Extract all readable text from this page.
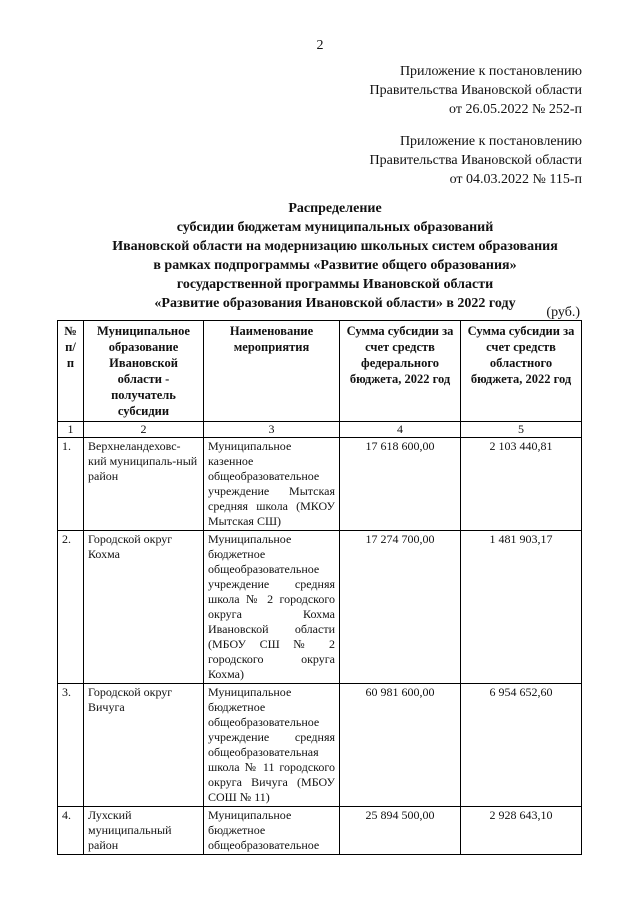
2
Приложение к постановлению
Правительства Ивановской области
от 26.05.2022 № 252-п
Приложение к постановлению
Правительства Ивановской области
от 04.03.2022 № 115-п
Распределение
субсидии бюджетам муниципальных образований
Ивановской области на модернизацию школьных систем образования
в рамках подпрограммы «Развитие общего образования»
государственной программы Ивановской области
«Развитие образования Ивановской области» в 2022 году
(руб.)
№ п/п	Муниципальное образование Ивановской области - получатель субсидии	Наименование мероприятия	Сумма субсидии за счет средств федерального бюджета, 2022 год	Сумма субсидии за счет средств областного бюджета, 2022 год
1	2	3	4	5
1.	Верхнеландеховс-кий муниципаль-ный район	Муниципальное казенное общеобразовательное учреждение Мытская средняя школа (МКОУ Мытская СШ)	17 618 600,00	2 103 440,81
2.	Городской округ Кохма	Муниципальное бюджетное общеобразовательное учреждение средняя школа № 2 городского округа Кохма Ивановской области (МБОУ СШ № 2 городского округа Кохма)	17 274 700,00	1 481 903,17
3.	Городской округ Вичуга	Муниципальное бюджетное общеобразовательное учреждение средняя общеобразовательная школа № 11 городского округа Вичуга (МБОУ СОШ № 11)	60 981 600,00	6 954 652,60
4.	Лухский муниципальный район	Муниципальное бюджетное общеобразовательное	25 894 500,00	2 928 643,10
